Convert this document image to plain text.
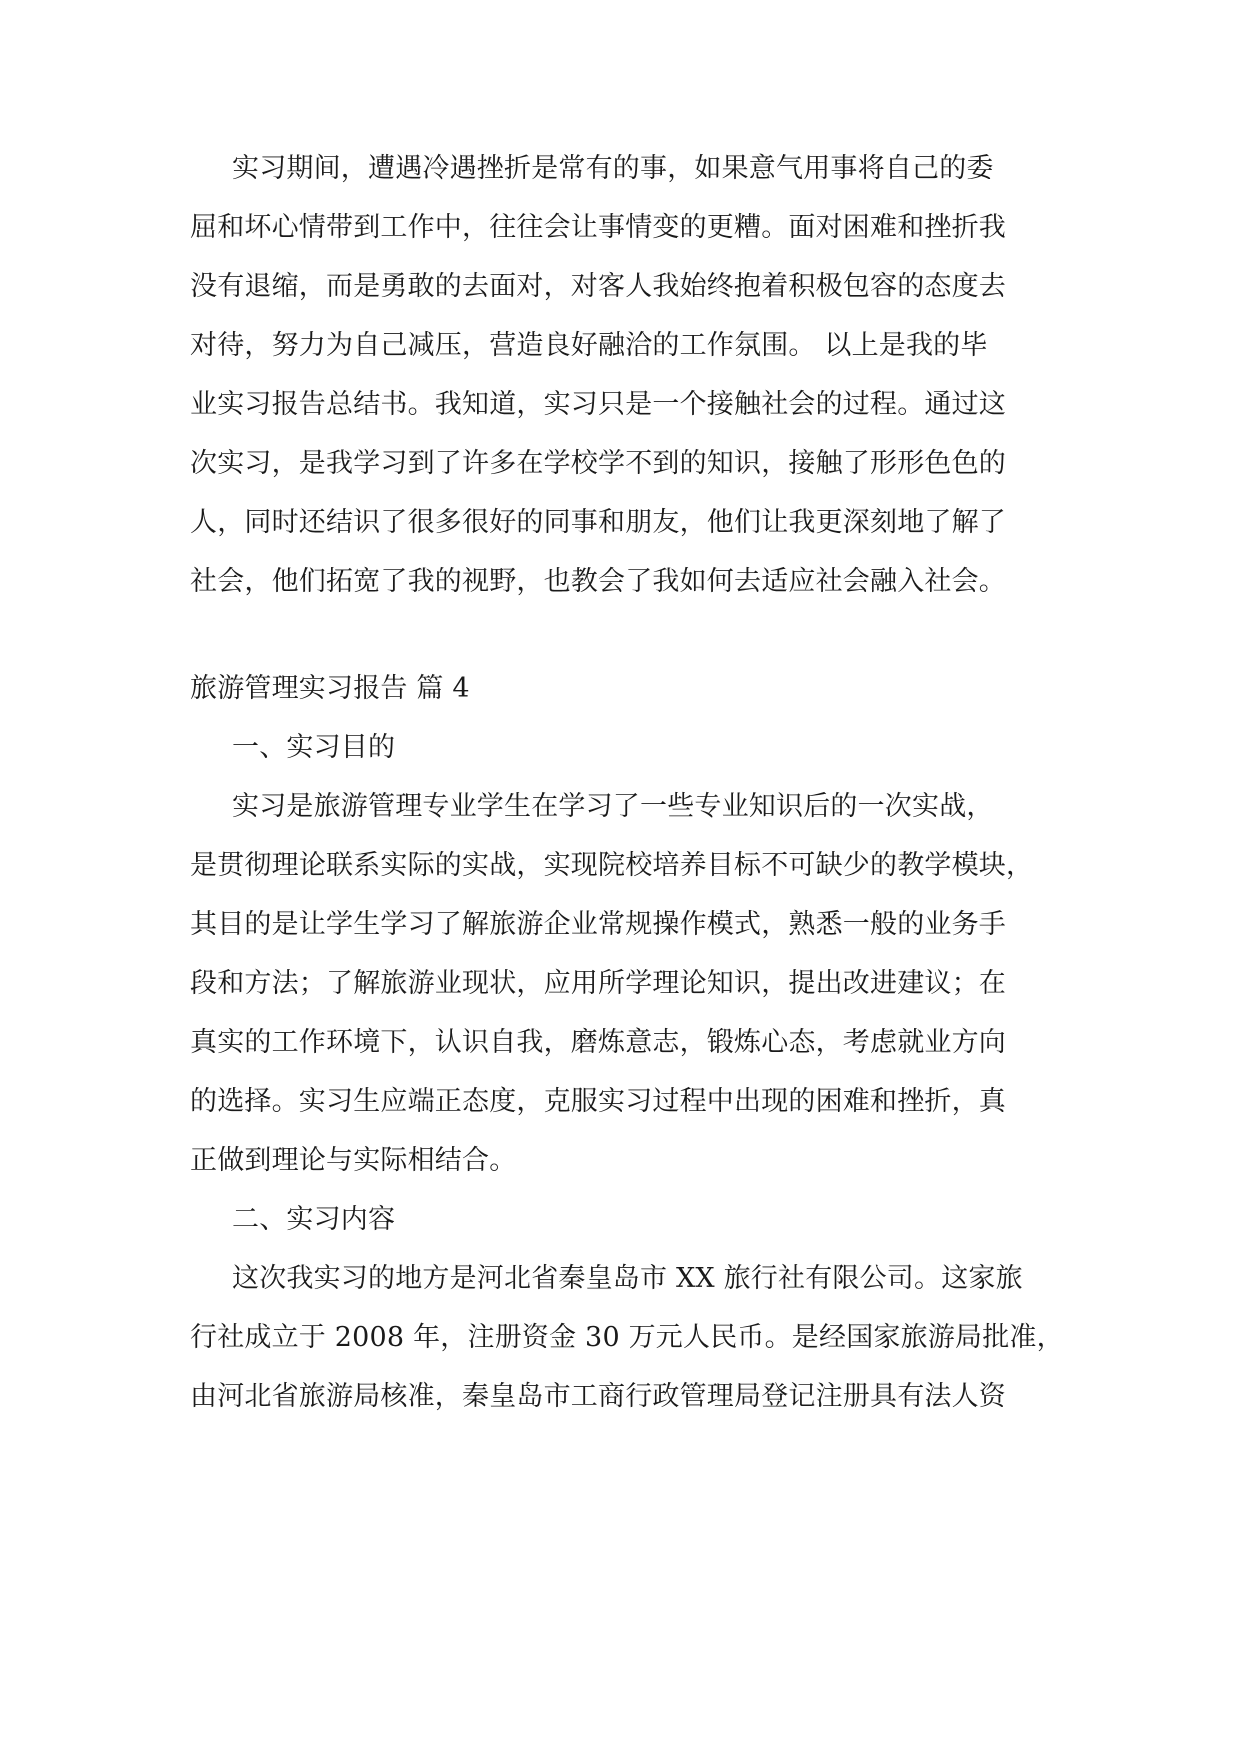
实习期间，遭遇冷遇挫折是常有的事，如果意气用事将自己的委
屈和坏心情带到工作中，往往会让事情变的更糟。面对困难和挫折我
没有退缩，而是勇敢的去面对，对客人我始终抱着积极包容的态度去
对待，努力为自己减压，营造良好融洽的工作氛围。 以上是我的毕
业实习报告总结书。我知道，实习只是一个接触社会的过程。通过这
次实习，是我学习到了许多在学校学不到的知识，接触了形形色色的
人，同时还结识了很多很好的同事和朋友，他们让我更深刻地了解了
社会，他们拓宽了我的视野，也教会了我如何去适应社会融入社会。
旅游管理实习报告 篇 4
一、实习目的
实习是旅游管理专业学生在学习了一些专业知识后的一次实战，
是贯彻理论联系实际的实战，实现院校培养目标不可缺少的教学模块，
其目的是让学生学习了解旅游企业常规操作模式，熟悉一般的业务手
段和方法；了解旅游业现状，应用所学理论知识，提出改进建议；在
真实的工作环境下，认识自我，磨炼意志，锻炼心态，考虑就业方向
的选择。实习生应端正态度，克服实习过程中出现的困难和挫折，真
正做到理论与实际相结合。
二、实习内容
这次我实习的地方是河北省秦皇岛市 XX 旅行社有限公司。这家旅
行社成立于 2008 年，注册资金 30 万元人民币。是经国家旅游局批准，
由河北省旅游局核准，秦皇岛市工商行政管理局登记注册具有法人资
